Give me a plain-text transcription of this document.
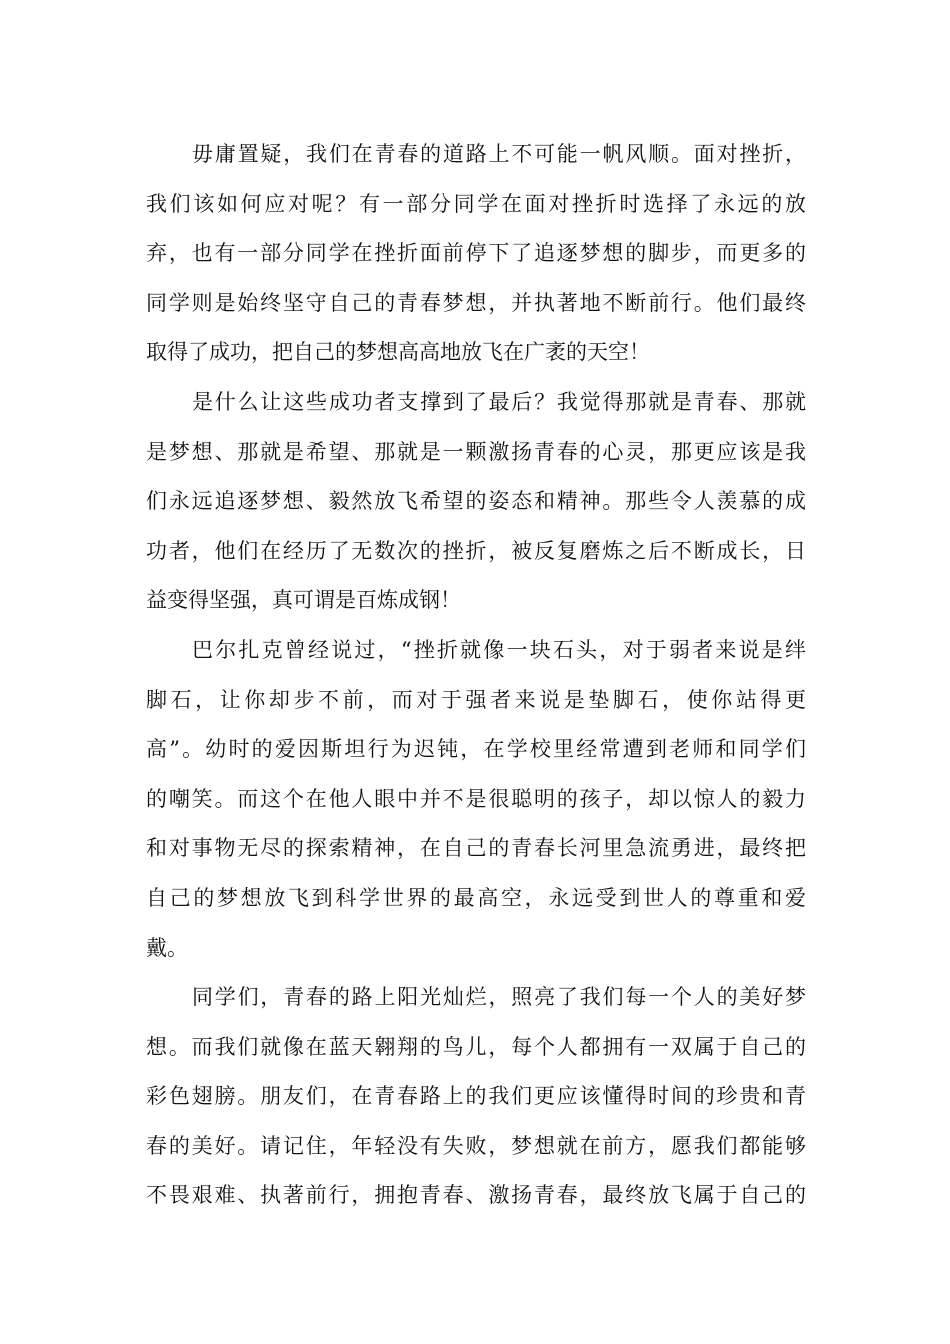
毋庸置疑，我们在青春的道路上不可能一帆风顺。面对挫折，
我们该如何应对呢？有一部分同学在面对挫折时选择了永远的放
弃，也有一部分同学在挫折面前停下了追逐梦想的脚步，而更多的
同学则是始终坚守自己的青春梦想，并执著地不断前行。他们最终
取得了成功，把自己的梦想高高地放飞在广袤的天空！
是什么让这些成功者支撑到了最后？我觉得那就是青春、那就
是梦想、那就是希望、那就是一颗激扬青春的心灵，那更应该是我
们永远追逐梦想、毅然放飞希望的姿态和精神。那些令人羡慕的成
功者，他们在经历了无数次的挫折，被反复磨炼之后不断成长，日
益变得坚强，真可谓是百炼成钢！
巴尔扎克曾经说过，“挫折就像一块石头，对于弱者来说是绊
脚石，让你却步不前，而对于强者来说是垫脚石，使你站得更
高”。幼时的爱因斯坦行为迟钝，在学校里经常遭到老师和同学们
的嘲笑。而这个在他人眼中并不是很聪明的孩子，却以惊人的毅力
和对事物无尽的探索精神，在自己的青春长河里急流勇进，最终把
自己的梦想放飞到科学世界的最高空，永远受到世人的尊重和爱
戴。
同学们，青春的路上阳光灿烂，照亮了我们每一个人的美好梦
想。而我们就像在蓝天翱翔的鸟儿，每个人都拥有一双属于自己的
彩色翅膀。朋友们，在青春路上的我们更应该懂得时间的珍贵和青
春的美好。请记住，年轻没有失败，梦想就在前方，愿我们都能够
不畏艰难、执著前行，拥抱青春、激扬青春，最终放飞属于自己的
